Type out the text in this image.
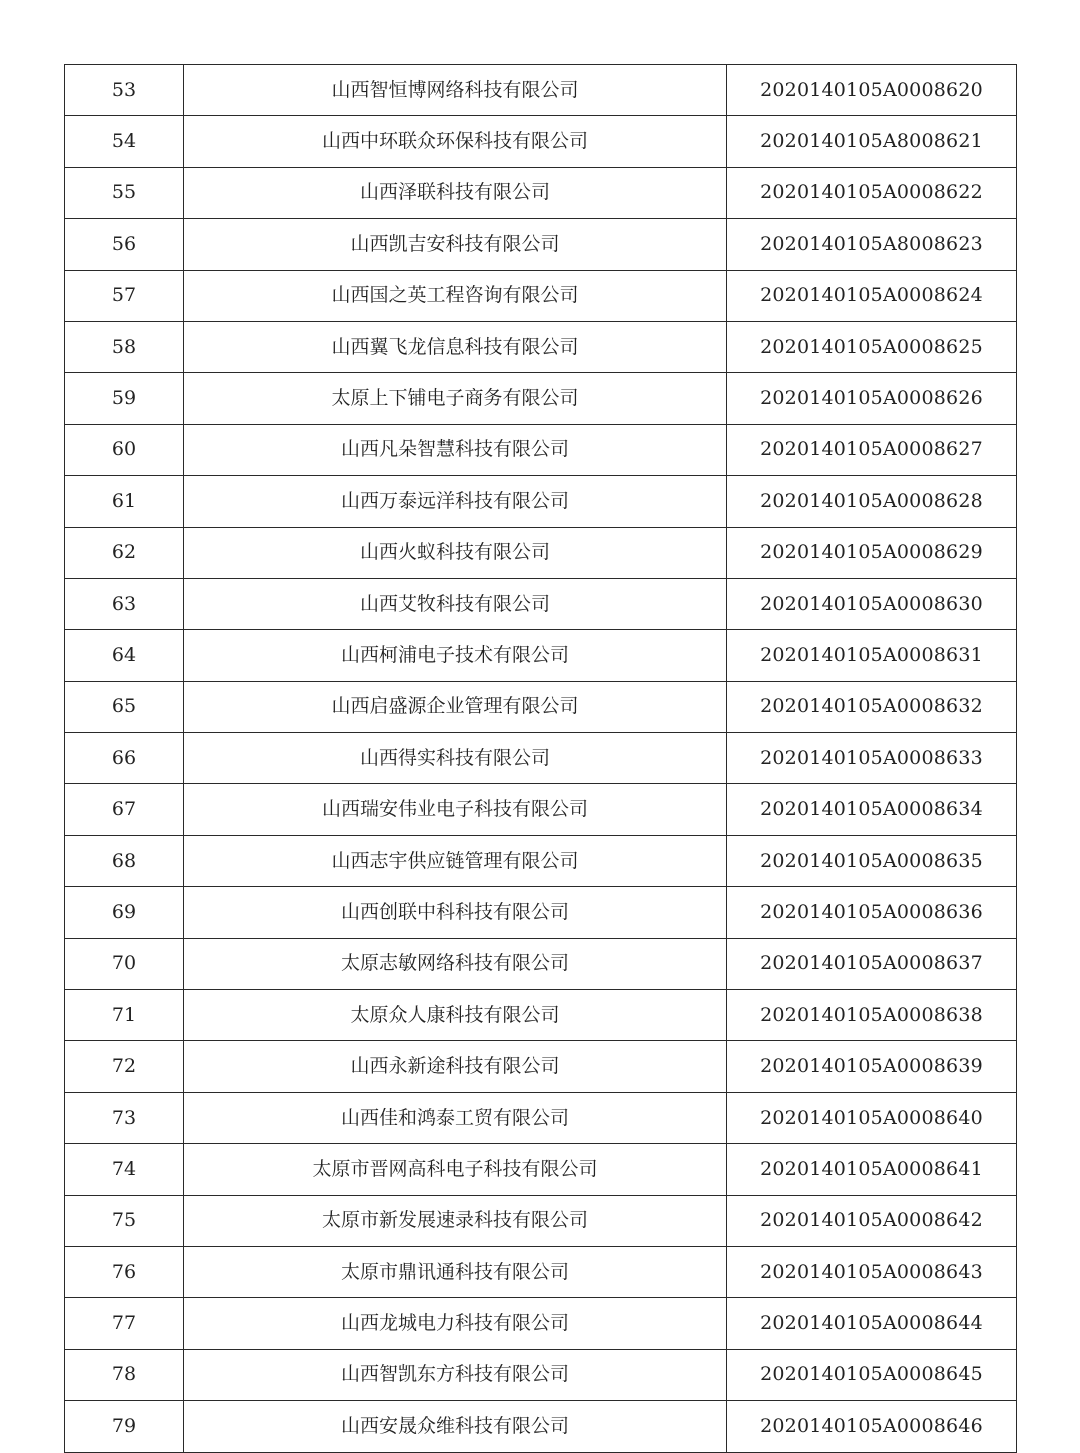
53	山西智恒博网络科技有限公司	2020140105A0008620
54	山西中环联众环保科技有限公司	2020140105A8008621
55	山西泽联科技有限公司	2020140105A0008622
56	山西凯吉安科技有限公司	2020140105A8008623
57	山西国之英工程咨询有限公司	2020140105A0008624
58	山西翼飞龙信息科技有限公司	2020140105A0008625
59	太原上下铺电子商务有限公司	2020140105A0008626
60	山西凡朵智慧科技有限公司	2020140105A0008627
61	山西万泰远洋科技有限公司	2020140105A0008628
62	山西火蚁科技有限公司	2020140105A0008629
63	山西艾牧科技有限公司	2020140105A0008630
64	山西柯浦电子技术有限公司	2020140105A0008631
65	山西启盛源企业管理有限公司	2020140105A0008632
66	山西得实科技有限公司	2020140105A0008633
67	山西瑞安伟业电子科技有限公司	2020140105A0008634
68	山西志宇供应链管理有限公司	2020140105A0008635
69	山西创联中科科技有限公司	2020140105A0008636
70	太原志敏网络科技有限公司	2020140105A0008637
71	太原众人康科技有限公司	2020140105A0008638
72	山西永新途科技有限公司	2020140105A0008639
73	山西佳和鸿泰工贸有限公司	2020140105A0008640
74	太原市晋网高科电子科技有限公司	2020140105A0008641
75	太原市新发展速录科技有限公司	2020140105A0008642
76	太原市鼎讯通科技有限公司	2020140105A0008643
77	山西龙城电力科技有限公司	2020140105A0008644
78	山西智凯东方科技有限公司	2020140105A0008645
79	山西安晟众维科技有限公司	2020140105A0008646
